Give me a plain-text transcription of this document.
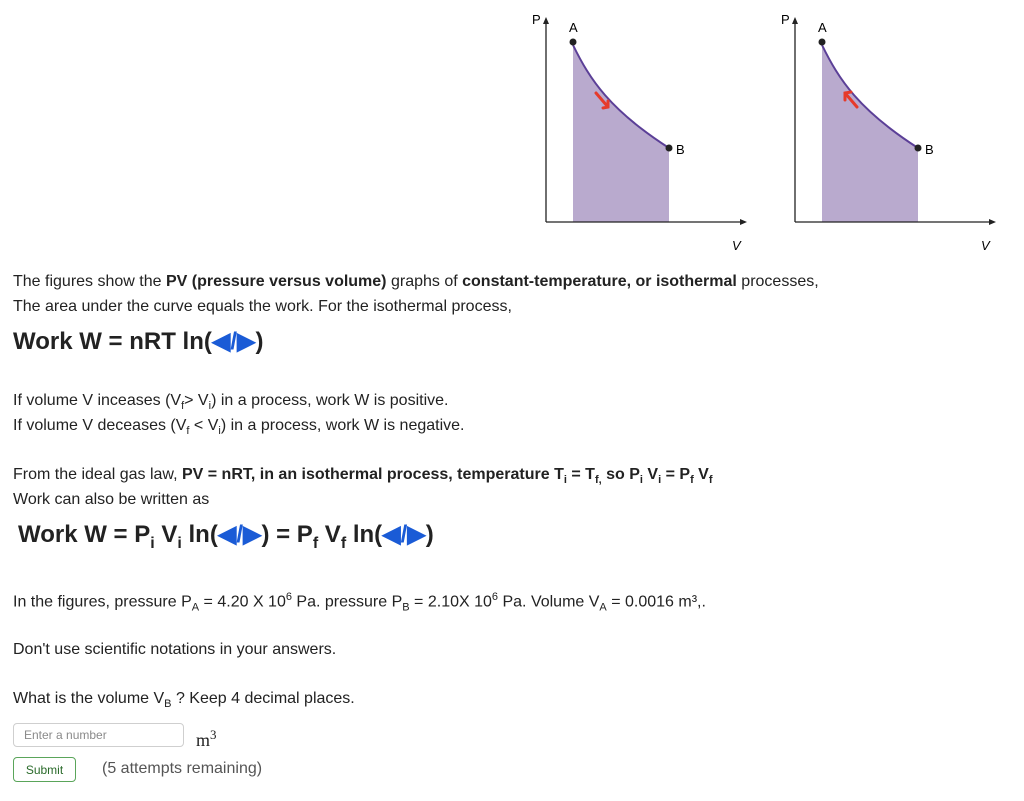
P
A
B
V
P
A
B
V
The figures show the PV (pressure versus volume) graphs of constant-temperature, or isothermal processes,
The area under the curve equals the work. For the isothermal process,
Work W = nRT ln(◀/▶)
If volume V inceases $(V_f> V_i)$ in a process, work W is positive.
If volume V deceases $(V_f < V_i)$ in a process, work W is negative.
From the ideal gas law, PV = nRT, in an isothermal process, temperature $T_i = T_{f,}$ so $P_i$ $V_i = P_f$ $V_f$
Work can also be written as
Work $W = P_i$ $V_i$ ln(◀/▶) = $P_f$ $V_f$ ln(◀/▶)
In the figures, pressure $P_A = 4.20$ X $10^6$ Pa. pressure $P_B = 2.10X$ $10^6$ Pa. Volume $V_A = 0.0016$ m³,.
Don't use scientific notations in your answers.
What is the volume $V_B$ ? Keep 4 decimal places.
Enter a number
$m^3$
Submit	(5 attempts remaining)
